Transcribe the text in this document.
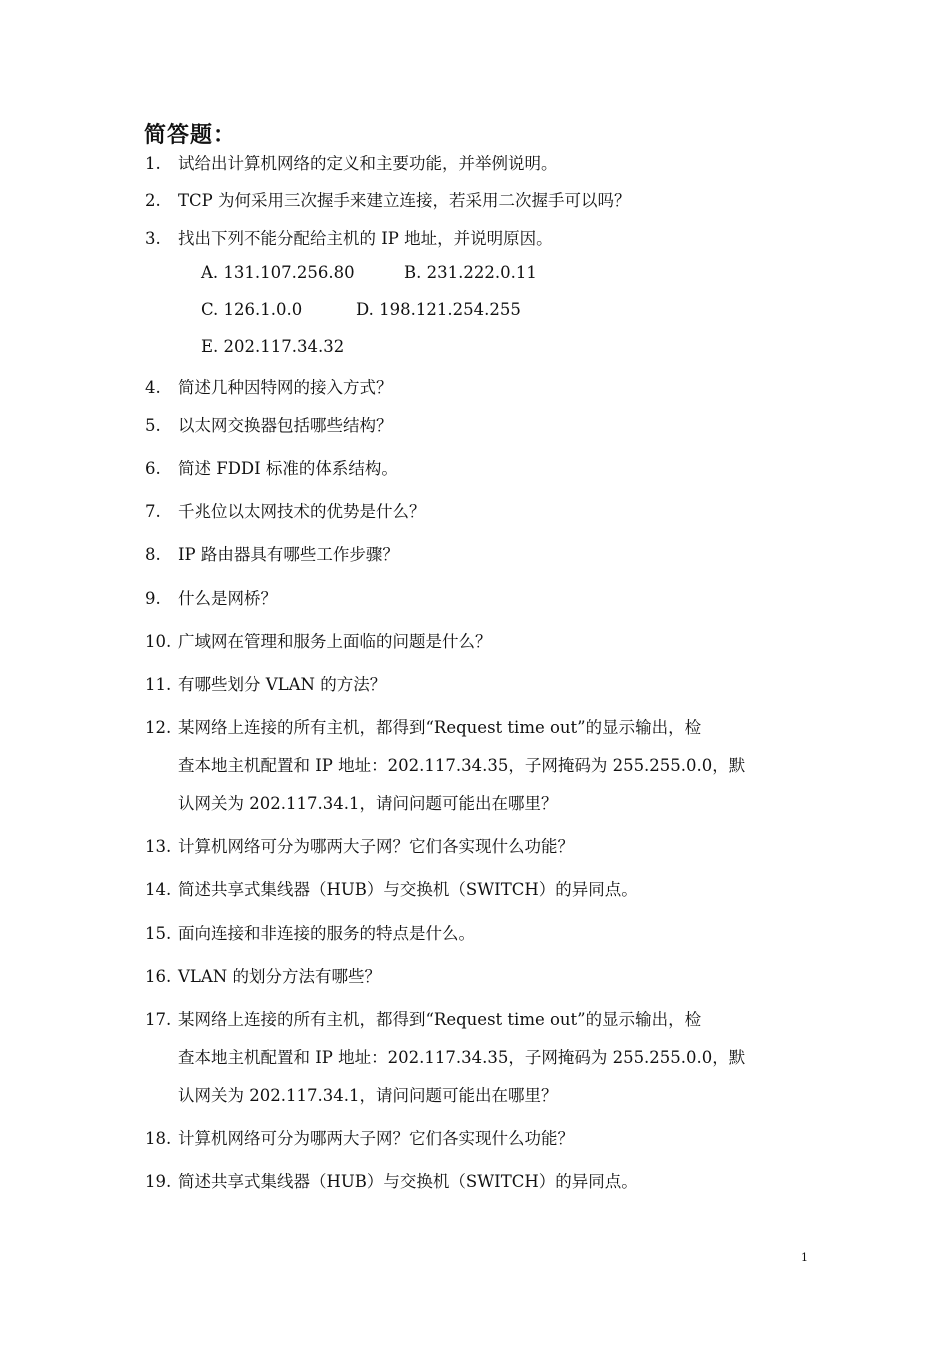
简答题：
1. 试给出计算机网络的定义和主要功能，并举例说明。
2. TCP 为何采用三次握手来建立连接，若采用二次握手可以吗？
3. 找出下列不能分配给主机的 IP 地址，并说明原因。
A. 131.107.256.80	B. 231.222.0.11
C. 126.1.0.0	D. 198.121.254.255
E. 202.117.34.32
4. 简述几种因特网的接入方式？
5. 以太网交换器包括哪些结构？
6. 简述 FDDI 标准的体系结构。
7. 千兆位以太网技术的优势是什么？
8. IP 路由器具有哪些工作步骤？
9. 什么是网桥？
10. 广域网在管理和服务上面临的问题是什么？
11. 有哪些划分 VLAN 的方法？
12. 某网络上连接的所有主机，都得到“Request time out”的显示输出，检
查本地主机配置和 IP 地址：202.117.34.35，子网掩码为 255.255.0.0，默
认网关为 202.117.34.1，请问问题可能出在哪里？
13. 计算机网络可分为哪两大子网？它们各实现什么功能？
14. 简述共享式集线器（HUB）与交换机（SWITCH）的异同点。
15. 面向连接和非连接的服务的特点是什么。
16. VLAN 的划分方法有哪些？
17. 某网络上连接的所有主机，都得到“Request time out”的显示输出，检
查本地主机配置和 IP 地址：202.117.34.35，子网掩码为 255.255.0.0，默
认网关为 202.117.34.1，请问问题可能出在哪里？
18. 计算机网络可分为哪两大子网？它们各实现什么功能？
19. 简述共享式集线器（HUB）与交换机（SWITCH）的异同点。
1
